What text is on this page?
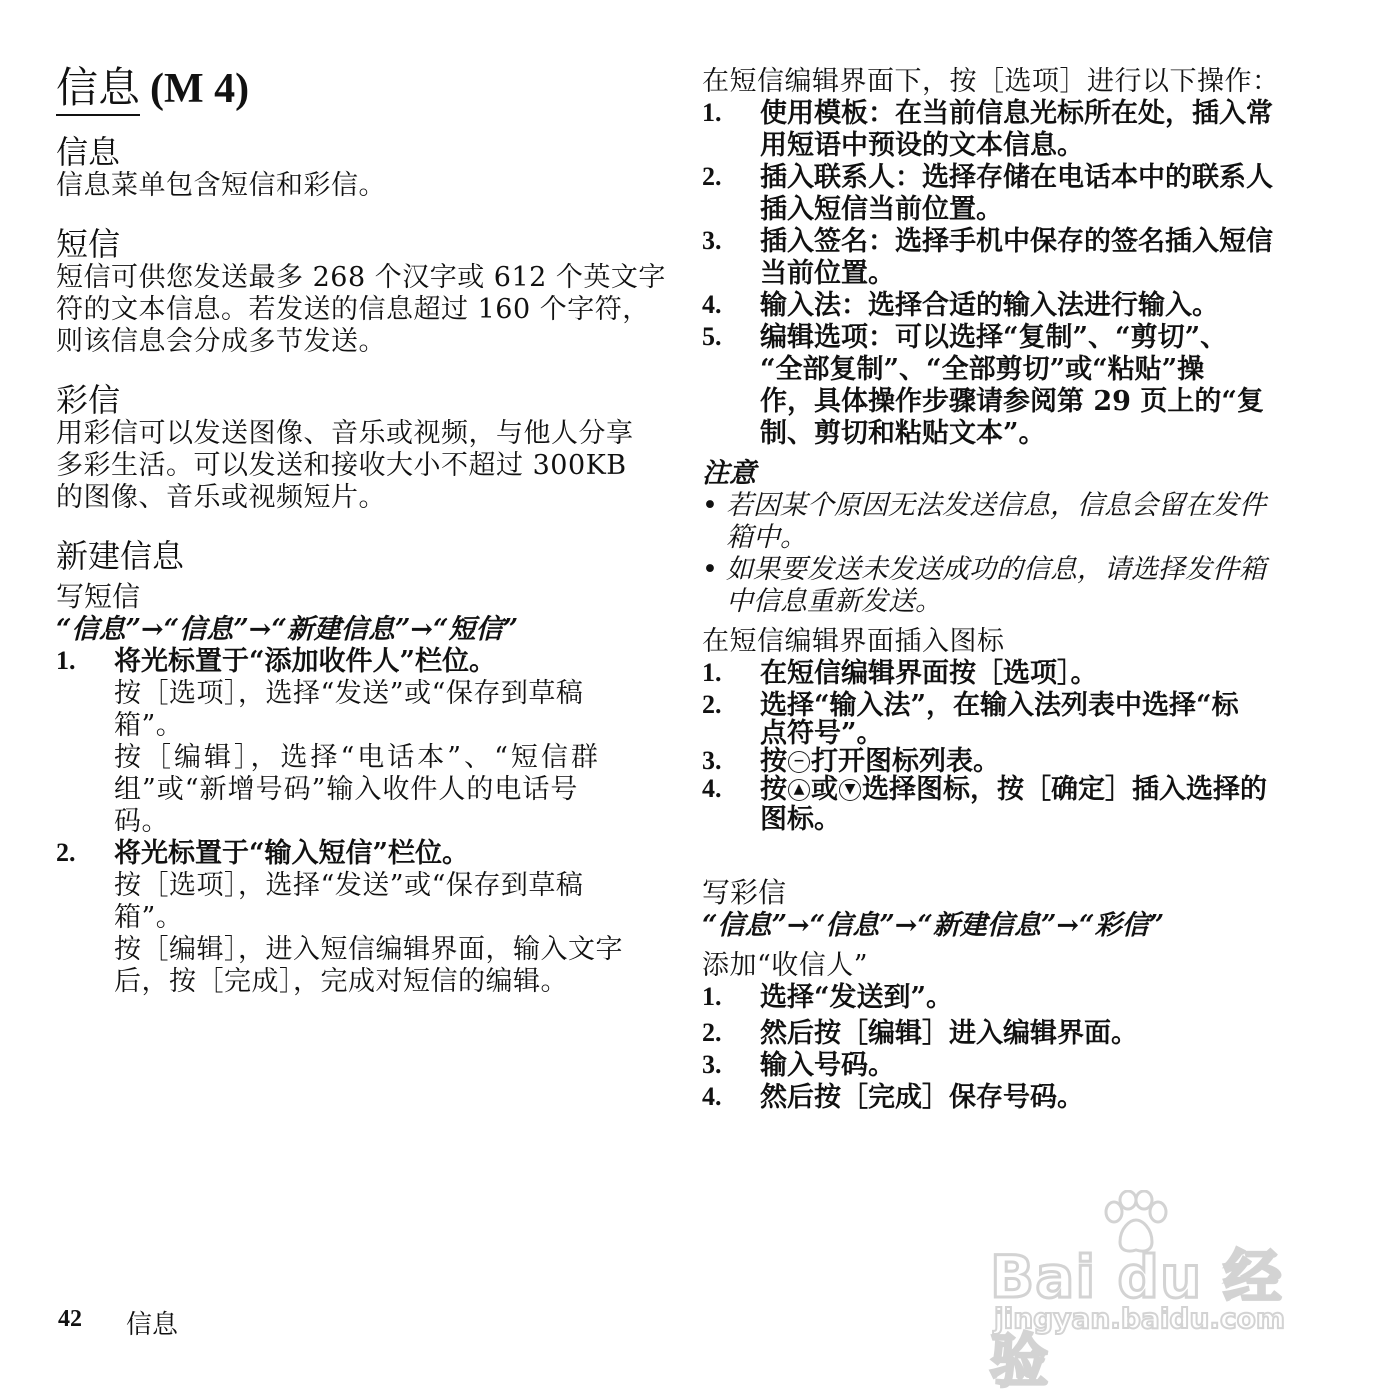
信息 (M 4)
信息
信息菜单包含短信和彩信。
短信
短信可供您发送最多 268 个汉字或 612 个英文字
符的文本信息。若发送的信息超过 160 个字符，
则该信息会分成多节发送。
彩信
用彩信可以发送图像、音乐或视频，与他人分享
多彩生活。可以发送和接收大小不超过 300KB
的图像、音乐或视频短片。
新建信息
写短信
“信息”→“信息”→“新建信息”→“短信”
1.	将光标置于“添加收件人”栏位。
按［选项］，选择“发送”或“保存到草稿
箱”。
按［编辑］，选择“电话本”、“短信群
组”或“新增号码”输入收件人的电话号
码。
2.	将光标置于“输入短信”栏位。
按［选项］，选择“发送”或“保存到草稿
箱”。
按［编辑］，进入短信编辑界面，输入文字
后，按［完成］，完成对短信的编辑。
在短信编辑界面下，按［选项］进行以下操作：
1.	使用模板：在当前信息光标所在处，插入常
用短语中预设的文本信息。
2.	插入联系人：选择存储在电话本中的联系人
插入短信当前位置。
3.	插入签名：选择手机中保存的签名插入短信
当前位置。
4.	输入法：选择合适的输入法进行输入。
5.	编辑选项：可以选择“复制”、“剪切”、
“全部复制”、“全部剪切”或“粘贴”操
作，具体操作步骤请参阅第 29 页上的“复
制、剪切和粘贴文本”。
注意
• 若因某个原因无法发送信息，信息会留在发件
箱中。
• 如果要发送未发送成功的信息，请选择发件箱
中信息重新发送。
在短信编辑界面插入图标
1.	在短信编辑界面按［选项］。
2.	选择“输入法”，在输入法列表中选择“标
点符号”。
3.	按 − 打开图标列表。
4.	按 ▲ 或 ▼ 选择图标，按［确定］插入选择的
图标。
写彩信
“信息”→“信息”→“新建信息”→“彩信”
添加“收信人”
1.	选择“发送到”。
2.	然后按［编辑］进入编辑界面。
3.	输入号码。
4.	然后按［完成］保存号码。
42 信息
Bai du 经验
jingyan.baidu.com
